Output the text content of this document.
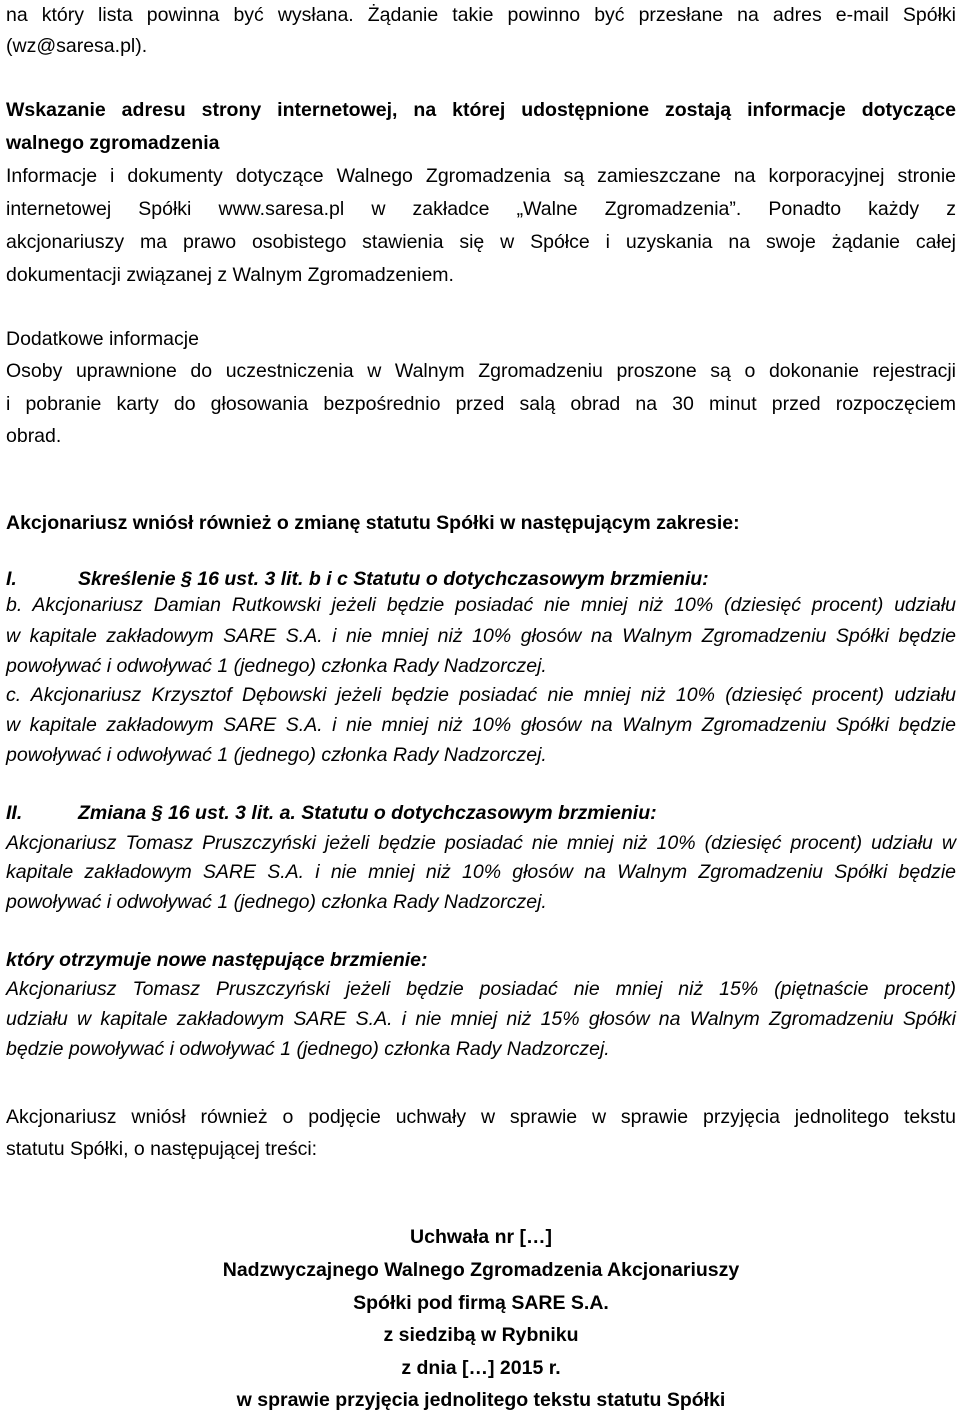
na który lista powinna być wysłana. Żądanie takie powinno być przesłane na adres e-mail Spółki
(wz@saresa.pl).
Wskazanie adresu strony internetowej, na której udostępnione zostają informacje dotyczące
walnego zgromadzenia
Informacje i dokumenty dotyczące Walnego Zgromadzenia są zamieszczane na korporacyjnej stronie
internetowej Spółki www.saresa.pl w zakładce „Walne Zgromadzenia”. Ponadto każdy z
akcjonariuszy ma prawo osobistego stawienia się w Spółce i uzyskania na swoje żądanie całej
dokumentacji związanej z Walnym Zgromadzeniem.
Dodatkowe informacje
Osoby uprawnione do uczestniczenia w Walnym Zgromadzeniu proszone są o dokonanie rejestracji
i pobranie karty do głosowania bezpośrednio przed salą obrad na 30 minut przed rozpoczęciem
obrad.
Akcjonariusz wniósł również o zmianę statutu Spółki w następującym zakresie:
I.	Skreślenie § 16 ust. 3 lit. b i c Statutu o dotychczasowym brzmieniu:
b. Akcjonariusz Damian Rutkowski jeżeli będzie posiadać nie mniej niż 10% (dziesięć procent) udziału
w kapitale zakładowym SARE S.A. i nie mniej niż 10% głosów na Walnym Zgromadzeniu Spółki będzie
powoływać i odwoływać 1 (jednego) członka Rady Nadzorczej.
c. Akcjonariusz Krzysztof Dębowski jeżeli będzie posiadać nie mniej niż 10% (dziesięć procent) udziału
w kapitale zakładowym SARE S.A. i nie mniej niż 10% głosów na Walnym Zgromadzeniu Spółki będzie
powoływać i odwoływać 1 (jednego) członka Rady Nadzorczej.
II.	Zmiana § 16 ust. 3 lit. a. Statutu o dotychczasowym brzmieniu:
Akcjonariusz Tomasz Pruszczyński jeżeli będzie posiadać nie mniej niż 10% (dziesięć procent) udziału w
kapitale zakładowym SARE S.A. i nie mniej niż 10% głosów na Walnym Zgromadzeniu Spółki będzie
powoływać i odwoływać 1 (jednego) członka Rady Nadzorczej.
który otrzymuje nowe następujące brzmienie:
Akcjonariusz Tomasz Pruszczyński jeżeli będzie posiadać nie mniej niż 15% (piętnaście procent)
udziału w kapitale zakładowym SARE S.A. i nie mniej niż 15% głosów na Walnym Zgromadzeniu Spółki
będzie powoływać i odwoływać 1 (jednego) członka Rady Nadzorczej.
Akcjonariusz wniósł również o podjęcie uchwały w sprawie w sprawie przyjęcia jednolitego tekstu
statutu Spółki, o następującej treści:
Uchwała nr […]
Nadzwyczajnego Walnego Zgromadzenia Akcjonariuszy
Spółki pod firmą SARE S.A.
z siedzibą w Rybniku
z dnia […] 2015 r.
w sprawie przyjęcia jednolitego tekstu statutu Spółki
